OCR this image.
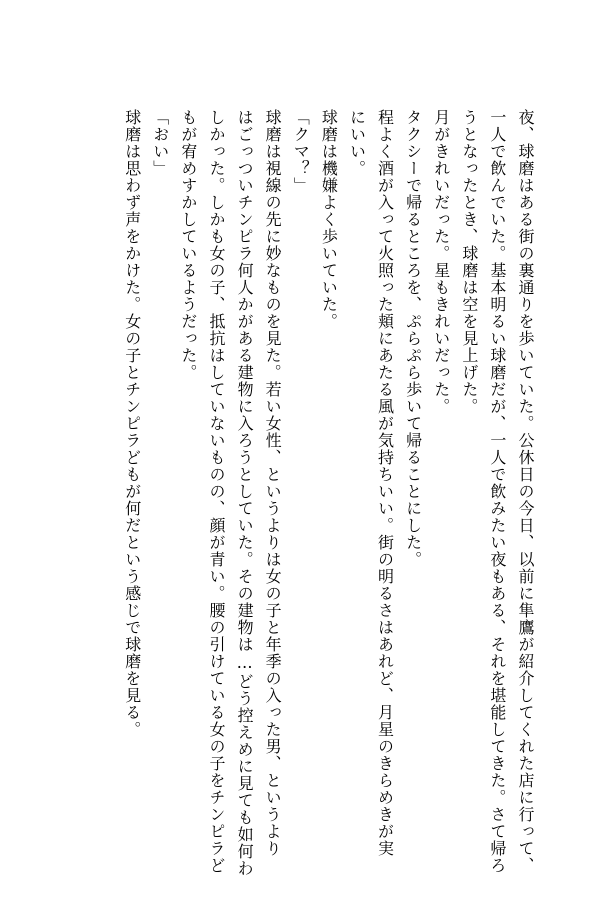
夜、球磨はある街の裏通りを歩いていた。公休日の今日、以前に隼鷹が紹介してくれた店に行って、

一人で飲んでいた。基本明るい球磨だが、一人で飲みたい夜もある、それを堪能してきた。さて帰ろ

うとなったとき、球磨は空を見上げた。

月がきれいだった。星もきれいだった。

タクシーで帰るところを、ぷらぷら歩いて帰ることにした。

程よく酒が入って火照った頬にあたる風が気持ちいい。街の明るさはあれど、月星のきらめきが実

にいい。

球磨は機嫌よく歩いていた。

「クマ？」

球磨は視線の先に妙なものを見た。若い女性、というよりは女の子と年季の入った男、というより

はごっついチンピラ何人かがある建物に入ろうとしていた。その建物は…どう控えめに見ても如何わ

しかった。しかも女の子、抵抗はしていないものの、顔が青い。腰の引けている女の子をチンピラど

もが宥めすかしているようだった。

「おい」

球磨は思わず声をかけた。女の子とチンピラどもが何だという感じで球磨を見る。
